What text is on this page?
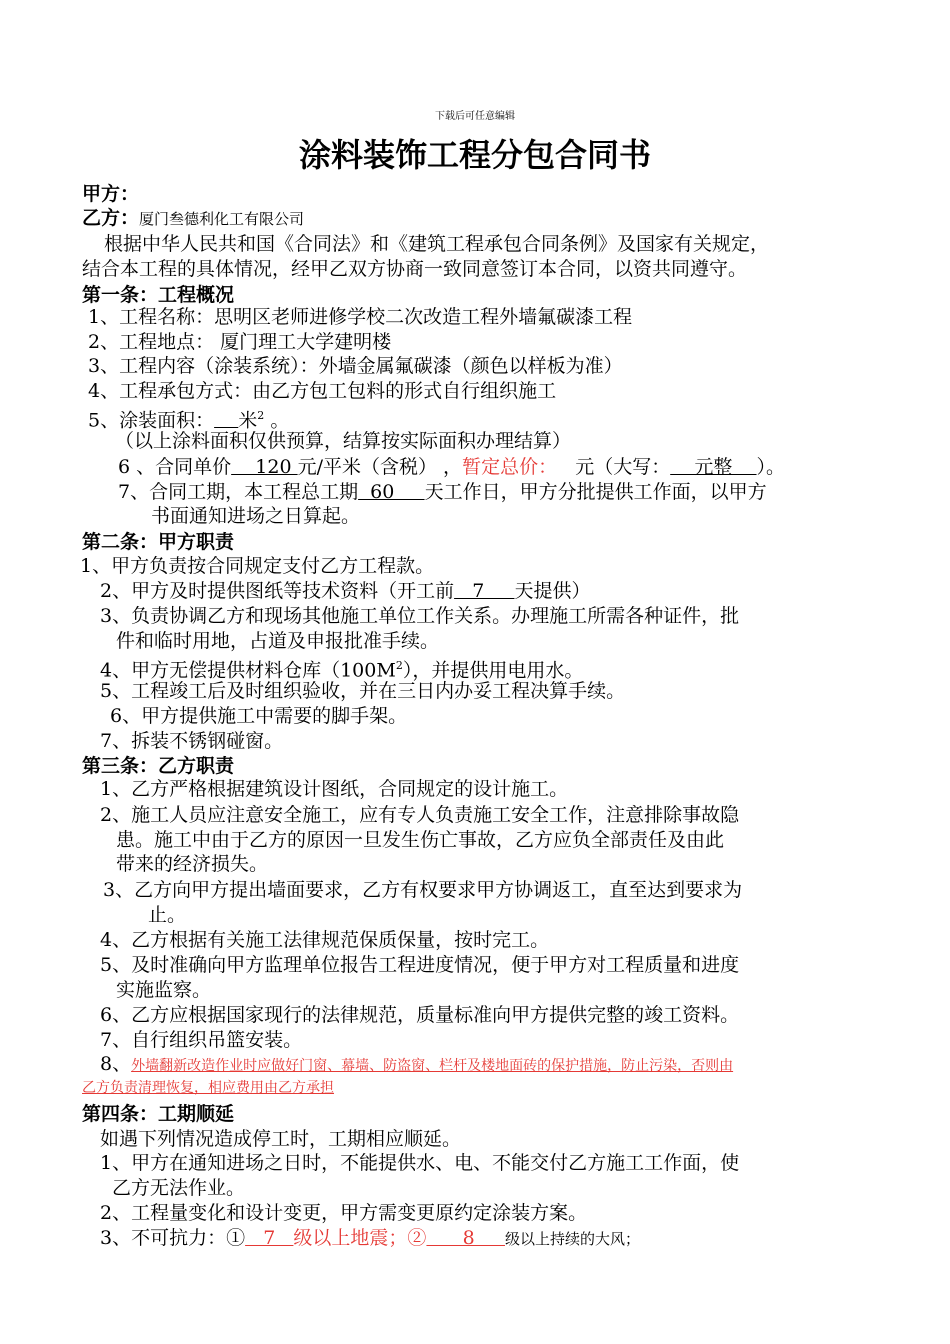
下载后可任意编辑
涂料装饰工程分包合同书
甲方：
乙方：厦门叁德利化工有限公司
根据中华人民共和国《合同法》和《建筑工程承包合同条例》及国家有关规定，
结合本工程的具体情况，经甲乙双方协商一致同意签订本合同，以资共同遵守。
第一条：工程概况
1、工程名称：思明区老师进修学校二次改造工程外墙氟碳漆工程
2、工程地点： 厦门理工大学建明楼
3、工程内容（涂装系统）：外墙金属氟碳漆（颜色以样板为准）
4、工程承包方式：由乙方包工包料的形式自行组织施工
5、涂装面积： 米$^2$ 。
（以上涂料面积仅供预算，结算按实际面积办理结算）
6 、合同单价    120 元/平米（含税） ，暂定总价：   元（大写：    元整    ）。
7、合同工期，本工程总工期  60     天工作日，甲方分批提供工作面，以甲方
书面通知进场之日算起。
第二条：甲方职责
1、甲方负责按合同规定支付乙方工程款。
2、甲方及时提供图纸等技术资料（开工前   7     天提供）
3、负责协调乙方和现场其他施工单位工作关系。办理施工所需各种证件，批
件和临时用地，占道及申报批准手续。
4、甲方无偿提供材料仓库$(100M^2)$，并提供用电用水。
5、工程竣工后及时组织验收，并在三日内办妥工程决算手续。
6、甲方提供施工中需要的脚手架。
7、拆装不锈钢碰窗。
第三条：乙方职责
1、乙方严格根据建筑设计图纸，合同规定的设计施工。
2、施工人员应注意安全施工，应有专人负责施工安全工作，注意排除事故隐
患。施工中由于乙方的原因一旦发生伤亡事故，乙方应负全部责任及由此
带来的经济损失。
3、乙方向甲方提出墙面要求，乙方有权要求甲方协调返工，直至达到要求为
止。
4、乙方根据有关施工法律规范保质保量，按时完工。
5、及时准确向甲方监理单位报告工程进度情况，便于甲方对工程质量和进度
实施监察。
6、乙方应根据国家现行的法律规范，质量标准向甲方提供完整的竣工资料。
7、自行组织吊篮安装。
8、外墙翻新改造作业时应做好门窗、幕墙、防盗窗、栏杆及楼地面砖的保护措施，防止污染，否则由
乙方负责清理恢复，相应费用由乙方承担
第四条：工期顺延
如遇下列情况造成停工时，工期相应顺延。
1、甲方在通知进场之日时，不能提供水、电、不能交付乙方施工工作面，使
乙方无法作业。
2、工程量变化和设计变更，甲方需变更原约定涂装方案。
3、不可抗力：①   7   级以上地震；②      8     级以上持续的大风；
